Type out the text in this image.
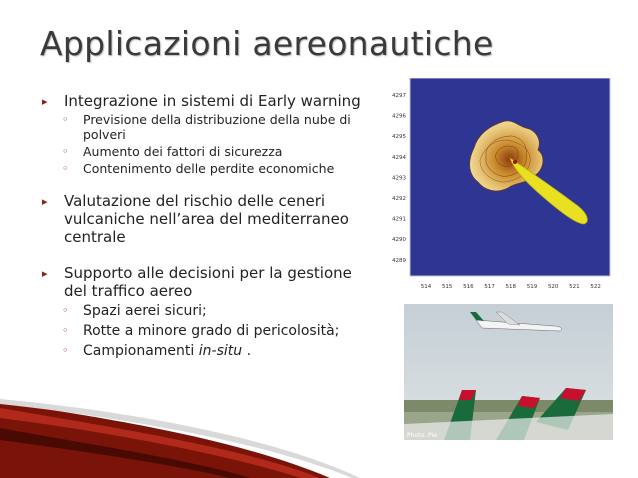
Applicazioni aereonautiche
▸ Integrazione in sistemi di Early warning
◦ Previsione della distribuzione della nube di polveri
◦ Aumento dei fattori di sicurezza
◦ Contenimento delle perdite economiche
▸ Valutazione del rischio delle ceneri vulcaniche nell’area del mediterraneo centrale
▸ Supporto alle decisioni per la gestione del traffico aereo
◦ Spazi aerei sicuri;
◦ Rotte a minore grado di pericolosità;
◦ Campionamenti in-situ .
4297
4296
4295
4294
4293
4292
4291
4290
4289
514 515 516 517 518 519 520 521 522
Photo: Pie
